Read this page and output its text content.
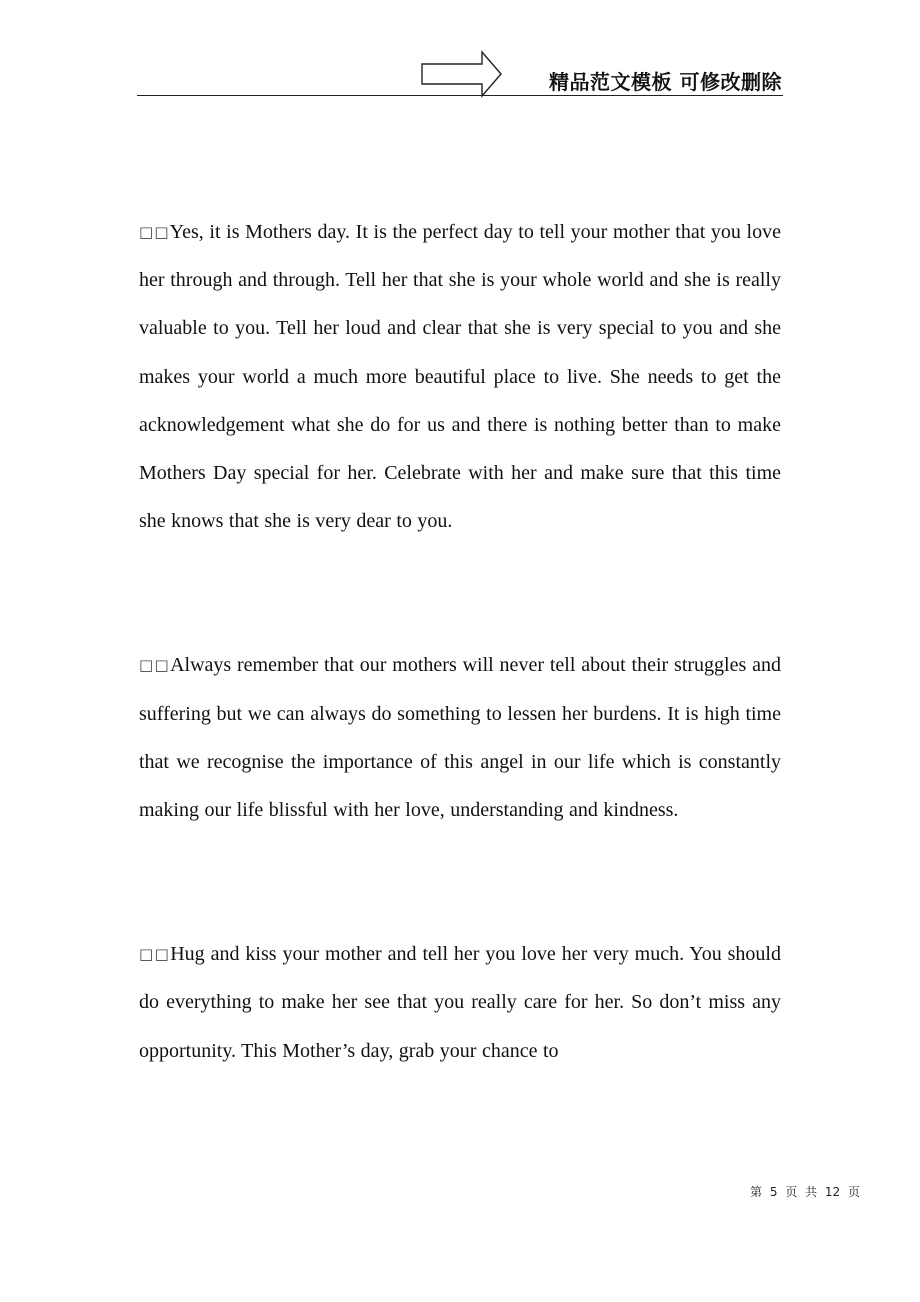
精品范文模板 可修改删除

□□Yes, it is Mothers day. It is the perfect day to tell your mother that you love her through and through. Tell her that she is your whole world and she is really valuable to you. Tell her loud and clear that she is very special to you and she makes your world a much more beautiful place to live. She needs to get the acknowledgement what she do for us and there is nothing better than to make Mothers Day special for her. Celebrate with her and make sure that this time she knows that she is very dear to you.

□□Always remember that our mothers will never tell about their struggles and suffering but we can always do something to lessen her burdens. It is high time that we recognise the importance of this angel in our life which is constantly making our life blissful with her love, understanding and kindness.

□□Hug and kiss your mother and tell her you love her very much. You should do everything to make her see that you really care for her. So don’t miss any opportunity. This Mother’s day, grab your chance to

第 5 页 共 12 页
